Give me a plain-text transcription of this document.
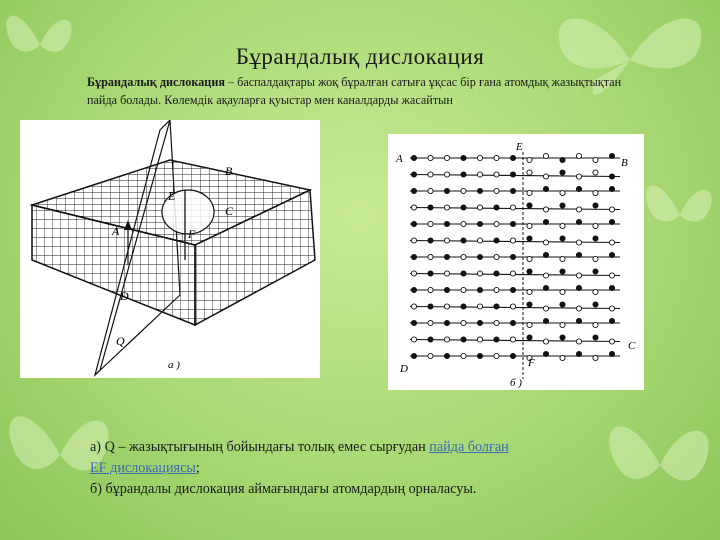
Бұрандалық дислокация
Бұрандалық дислокация – баспалдақтары жоқ бұралған сатыға ұқсас бір ғана атомдық жазықтықтан пайда болады. Көлемдік ақауларға қуыстар мен каналдарды жасайтын
A
B
C
D
E
F
Q
а )
A	B
C
D
E
F
б )
а) Q – жазықтығының бойындағы толық емес сырғудан пайда болған
EF дислокациясы;
б) бұрандалы дислокация аймағындағы атомдардың орналасуы.
